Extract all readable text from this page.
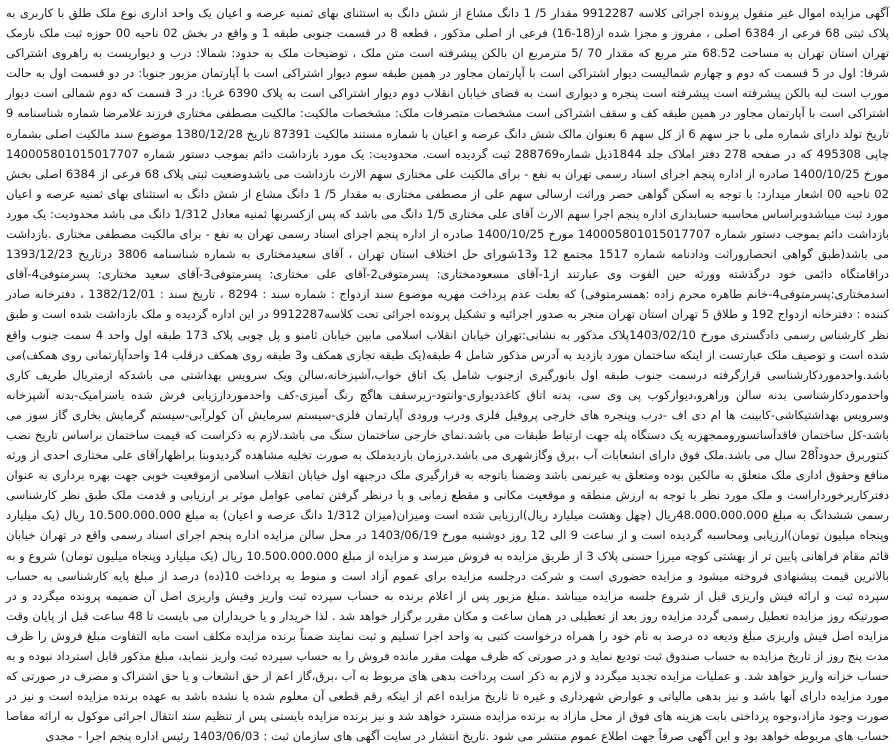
آگهی مزایده اموال غیر منقول پرونده اجرائی کلاسه 9912287 مقدار 5/ 1 دانگ مشاع از شش دانگ به استثنای بهای ثمنیه عرصه و اعیان یک واحد اداری نوع ملک طلق با کاربری به پلاک ثبتی 68 فرعی از 6384 اصلی ، مفروز و مجزا شده از(18-16) فرعی از اصلی مذکور ، قطعه 8 در قسمت جنوبی طبقه 1 و واقع در بخش 02 ناحیه 00 حوزه ثبت ملک نارمک تهران استان تهران به مساحت 68.52 متر مربع که مقدار 70 /5 مترمربع ان بالکن پیشرفته است متن ملک ، توضیحات ملک به حدود: شمالا: درب و دیواریست به راهروی اشتراکی شرقا: اول در 5 قسمت که دوم و چهارم شمالیست دیوار اشتراکی است با آپارتمان مجاور در همین طبقه سوم دیوار اشتراکی است با آپارتمان مزبور جنوبا: در دو قسمت اول به حالت مورب است لبه بالکن پیشرفته است پیشرفته است پنجره و دیواری است به فضای خیابان انقلاب دوم دیوار اشتراکی است به پلاک 6390 غربا: در 3 قسمت که دوم شمالی است دیوار اشتراکی است با آپارتمان مجاور در همین طبقه کف و سقف اشتراکی است مشخصات متصرفات ملک: مشخصات مالکیت: مالکیت مصطفی مختاری فرزند غلامرضا شماره شناسنامه 9 تاریخ تولد دارای شماره ملی با جز سهم 6 از کل سهم 6 بعنوان مالک شش دانگ عرصه و اعیان با شماره مستند مالکیت 87391 تاریخ 1380/12/28 موضوع سند مالکیت اصلی بشماره چاپی 495308 که در صفحه 278 دفتر املاک جلد 1844ذیل شماره288769 ثبت گردیده است. محدودیت: یک مورد بازداشت دائم بموجب دستور شماره 140005801015017707 مورخ 1400/10/25 صادره از اداره پنجم اجرای اسناد رسمی تهران به نفع - برای مالکیت علی مختاری سهم الارث بازداشت می باشدوضعیت ثبتی پلاک 68 فرعی از 6384 اصلی بخش 02 ناحیه 00 اشعار میدارد: با توجه به اسکن گواهی حصر وراثت ارسالی سهم علی از مصطفی مختاری به مقدار 5/ 1 دانگ مشاع از شش دانگ به استثنای بهای ثمنیه عرصه و اعیان مورد ثبت میباشدوبراساس محاسبه حسابداری اداره پنجم اجرا سهم الارث آقای علی مختاری 1/5 دانگ می باشد که پس ازکسربها ثمنیه معادل 1/312 دانگ می باشد محدودیت: یک مورد بازداشت دائم بموجب دستور شماره 140005801015017707 مورخ 1400/10/25 صادره از اداره پنجم اجرای اسناد رسمی تهران به نفع - برای مالکیت مصطفی مختاری .بازداشت می باشد(طبق گواهی انحصاروراثت ودادنامه شماره 1517 مجتمع 12 و13شورای حل اختلاف استان تهران ، آقای سعیدمختاری به شماره شناسنامه 3806 درتاریخ 1393/12/23 دراقامتگاه دائمی خود درگذشته وورثه حین الفوت وی عبارتند از1-آقای مسعودمختاری: پسرمتوفی2-آقای علی مختاری: پسرمتوفی3-آقای سعید مختاری: پسرمتوفی4-آقای اسدمختاری:پسرمتوفی4-خانم طاهره محرم زاده :همسرمتوفی) که بعلت عدم پرداخت مهریه موضوع سند ازدواج : شماره سند : 8294 ، تاریخ سند : 1382/12/01 ، دفترخانه صادر کننده : دفترخانه ازدواج 192 و طلاق 5 تهران استان تهران منجر به صدور اجرائیه و تشکیل پرونده اجرائی تحت کلاسه9912287 در این اداره گردیده و ملک بازداشت شده است و طبق نظر کارشناس رسمی دادگستری مورخ 1403/02/10پلاک مذکور به نشانی:تهران خیابان انقلاب اسلامی مابین خیابان ثامنو و پل چوبی پلاک 173 طبقه اول واحد 4 سمت جنوب واقع شده است و توصیف ملک عبارتست از اینکه ساختمان مورد بازدید به آدرس مذکور شامل 4 طبقه(یک طبقه تجاری همکف و3 طبقه روی همکف درقلب 14 واحدآپارتمانی روی همکف)می باشد.واحدموردکارشناسی قرارگرفته درسمت جنوب طبقه اول بانورگیری ازجنوب شامل یک اتاق خواب،آشپزخانه،سالن ویک سرویس بهداشتی می باشدکه ازمتریال طریف کاری واحدموردکارشناسی بدنه سالن وراهرو،دیوارکوب پی وی سی، بدنه اتاق کاغذدیواری-وانتود-زیرسقف هاگچ رنگ آمیزی-کف واحدمورداززیابی فرش شده باسرامیک-بدنه آشپزخانه وسرویس بهداشتیکاشی-کابینت ها ام دی اف -درب وپنجره های خارجی پروفیل فلزی ودرب ورودی آپارتمان فلزی-سیستم سرمایش آن کولرآبی-سیستم گرمایش بخاری گاز سوز می باشد-کل ساختمان فاقدآسانسوروممجهزبه یک دستگاه پله جهت ارتباط طبقات می باشد.نمای خارجی ساختمان سنگ می باشد.لازم به ذکراست که قیمت ساختمان براساس تاریخ نصب کنتوربرق حدوداً28 سال می باشد.ملک فوق دارای انشعابات آب ،برق وگازشهری می باشد.درزمان بازدیدملک به صورت تخلیه مشاهده گردیدوبنا براظهارآقای علی مختاری احدی از ورثه منافع وحقوق اداری ملک متعلق به مالکین بوده ومتعلق به غیرنمی باشد وضمنا باتوجه به قرارگیری ملک درجبهه اول خیابان انقلاب اسلامی ازموقعیت خوبی جهت بهره برداری به عنوان دفترکاربرخورداراست و ملک مورد نظر با توجه به ارزش منطقه و موقعیت مکانی و مقطع زمانی و با درنظر گرفتن تمامی عوامل موثر بر ارزیابی و قدمت ملک طبق نظر کارشناسی رسمی ششدانگ به مبلغ 48.000.000.000ریال (چهل وهشت میلیارد ریال)ارزیابی شده است ومیزان(میزان 1/312 دانگ عرصه و اعیان) به مبلغ 10.500.000.000 ریال (یک میلیارد وپنجاه میلیون تومان)ارزیابی ومحاسبه گردیده است و از ساعت 9 الی 12 روز دوشنبه مورخ 1403/06/19 در محل سالن مزایده اداره پنجم اجرای اسناد رسمی واقع در تهران خیابان قائم مقام فراهانی پایین تر از بهشتی کوچه میرزا حسنی پلاک 3 از طریق مزایده به فروش میرسد و مزایده از مبلغ 10.500.000.000 ریال (یک میلیارد وپنجاه میلیون تومان) شروع و به بالاترین قیمت پیشنهادی فروخته میشود و مزایده حضوری است و شرکت درجلسه مزایده برای عموم آزاد است و منوط به پرداخت 10(ده) درصد از مبلغ پایه کارشناسی به حساب سپرده ثبت و ارائه فیش واریزی قبل از شروع جلسه مزایده میباشد .مبلغ مزبور پس از اعلام برنده به حساب سپرده ثبت واریز وفیش واریزی اصل آن ضمیمه پرونده میگردد و در صورتیکه روز مزایده تعطیل رسمی گردد مزایده روز بعد از تعطیلی در همان ساعت و مکان مقرر برگزار خواهد شد . لذا خریدار و یا خریداران می بایست تا 48 ساعت قبل از پایان وقت مزایده اصل فیش واریزی مبلغ ودیعه ده درصد به نام خود را همراه درخواست کتبی به واحد اجرا تسلیم و ثبت نمایند ضمناً برنده مزایده مکلف است مابه التفاوت مبلغ فروش را ظرف مدت پنج روز از تاریخ مزایده به حساب صندوق ثبت تودیع نماید و در صورتی که ظرف مهلت مقرر مانده فروش را به حساب سپرده ثبت واریز ننماید، مبلغ مذکور قابل استرداد نبوده و به حساب خزانه واریز خواهد شد. و عملیات مزایده تجدید میگردد و لازم به ذکر است پرداخت بدهی های مربوط به آب ،برق،گاز اعم از حق انشعاب و یا حق اشتراک و مصرف در صورتی که مورد مزایده دارای آنها باشد و نیز بدهی مالیاتی و عوارض شهرداری و غیره تا تاریخ مزایده اعم از اینکه رقم قطعی آن معلوم شده یا نشده باشد به عهده برنده مزایده است و نیز در صورت وجود مازاد،وجوه پرداختی بابت هزینه های فوق از محل مازاد به برنده مزایده مسترد خواهد شد و نیز برنده مزایده بایستی پس از تنظیم سند انتقال اجرائی موکول به ارائه مفاصا حساب های مربوطه خواهد بود و این آگهی صرفاً جهت اطلاع عموم منتشر می شود .تاریخ انتشار در سایت آگهی های سازمان ثبت : 1403/06/03 رئیس اداره پنجم اجرا - مجدی
